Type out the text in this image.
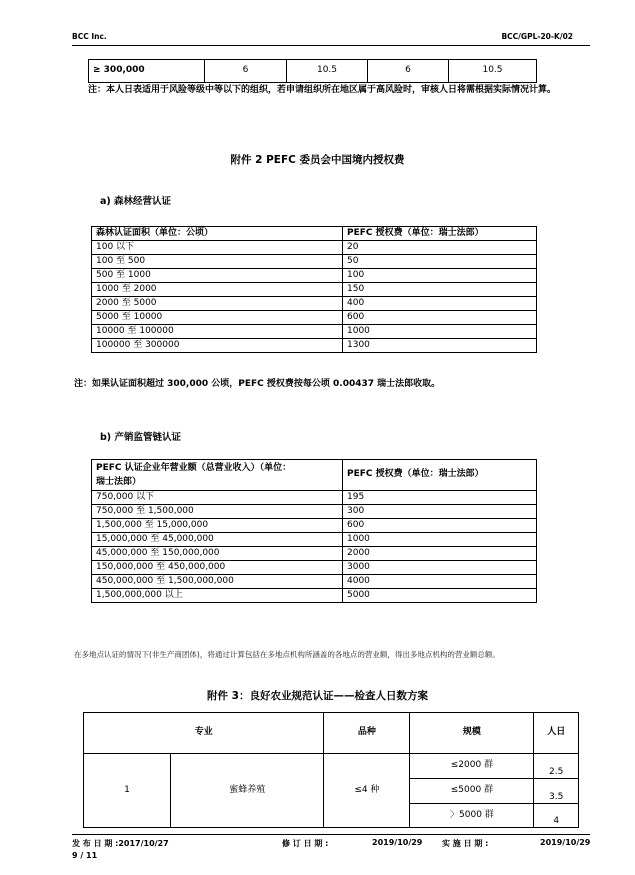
BCC Inc.	BCC/GPL-20-K/02
≥ 300,000	6	10.5	6	10.5
注：本人日表适用于风险等级中等以下的组织，若申请组织所在地区属于高风险时，审核人日将需根据实际情况计算。
附件 2 PEFC 委员会中国境内授权费
a) 森林经营认证
森林认证面积（单位：公顷）	PEFC 授权费（单位：瑞士法郎）
100 以下	20
100 至 500	50
500 至 1000	100
1000 至 2000	150
2000 至 5000	400
5000 至 10000	600
10000 至 100000	1000
100000 至 300000	1300
注：如果认证面积超过 300,000 公顷，PEFC 授权费按每公顷 0.00437 瑞士法郎收取。
b) 产销监管链认证
PEFC 认证企业年营业额（总营业收入）（单位：
瑞士法郎）	PEFC 授权费（单位：瑞士法郎）
750,000 以下	195
750,000 至 1,500,000	300
1,500,000 至 15,000,000	600
15,000,000 至 45,000,000	1000
45,000,000 至 150,000,000	2000
150,000,000 至 450,000,000	3000
450,000,000 至 1,500,000,000	4000
1,500,000,000 以上	5000
在多地点认证的情况下(非生产商团体)，将通过计算包括在多地点机构所涵盖的各地点的营业额，得出多地点机构的营业额总额。
附件 3：良好农业规范认证——检查人日数方案
专业		品种	规模	人日
1	蜜蜂养殖	≤4 种	≤2000 群	2.5
			≤5000 群	3.5
			〉5000 群	4
发 布 日 期 :2017/10/27	修 订 日 期 :	2019/10/29 实 施 日 期 :	2019/10/29
9 / 11
